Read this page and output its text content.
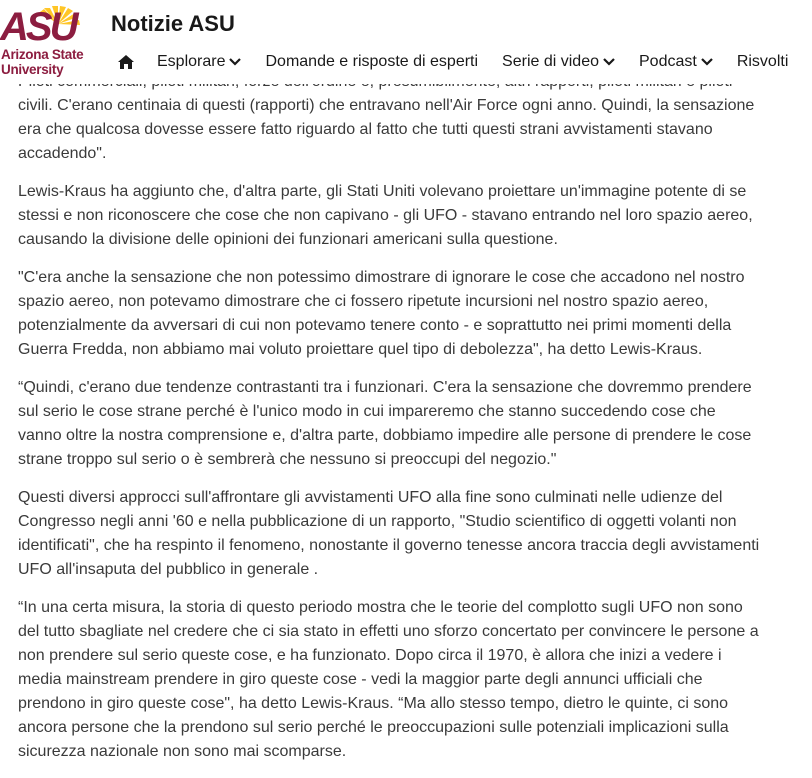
ASU
Arizona State
University
Notizie ASU
Esplorare	Domande e risposte di esperti Serie di video	Podcast	Risvolti

civili. C'erano centinaia di questi (rapporti) che entravano nell'Air Force ogni anno. Quindi, la sensazione era che qualcosa dovesse essere fatto riguardo al fatto che tutti questi strani avvistamenti stavano accadendo".

Lewis-Kraus ha aggiunto che, d'altra parte, gli Stati Uniti volevano proiettare un'immagine potente di se stessi e non riconoscere che cose che non capivano - gli UFO - stavano entrando nel loro spazio aereo, causando la divisione delle opinioni dei funzionari americani sulla questione.

"C'era anche la sensazione che non potessimo dimostrare di ignorare le cose che accadono nel nostro spazio aereo, non potevamo dimostrare che ci fossero ripetute incursioni nel nostro spazio aereo, potenzialmente da avversari di cui non potevamo tenere conto - e soprattutto nei primi momenti della Guerra Fredda, non abbiamo mai voluto proiettare quel tipo di debolezza", ha detto Lewis-Kraus.

“Quindi, c'erano due tendenze contrastanti tra i funzionari. C'era la sensazione che dovremmo prendere sul serio le cose strane perché è l'unico modo in cui impareremo che stanno succedendo cose che vanno oltre la nostra comprensione e, d'altra parte, dobbiamo impedire alle persone di prendere le cose strane troppo sul serio o è sembrerà che nessuno si preoccupi del negozio."

Questi diversi approcci sull'affrontare gli avvistamenti UFO alla fine sono culminati nelle udienze del Congresso negli anni '60 e nella pubblicazione di un rapporto, "Studio scientifico di oggetti volanti non identificati", che ha respinto il fenomeno, nonostante il governo tenesse ancora traccia degli avvistamenti UFO all'insaputa del pubblico in generale .

“In una certa misura, la storia di questo periodo mostra che le teorie del complotto sugli UFO non sono del tutto sbagliate nel credere che ci sia stato in effetti uno sforzo concertato per convincere le persone a non prendere sul serio queste cose, e ha funzionato. Dopo circa il 1970, è allora che inizi a vedere i media mainstream prendere in giro queste cose - vedi la maggior parte degli annunci ufficiali che prendono in giro queste cose", ha detto Lewis-Kraus. “Ma allo stesso tempo, dietro le quinte, ci sono ancora persone che la prendono sul serio perché le preoccupazioni sulle potenziali implicazioni sulla sicurezza nazionale non sono mai scomparse.
